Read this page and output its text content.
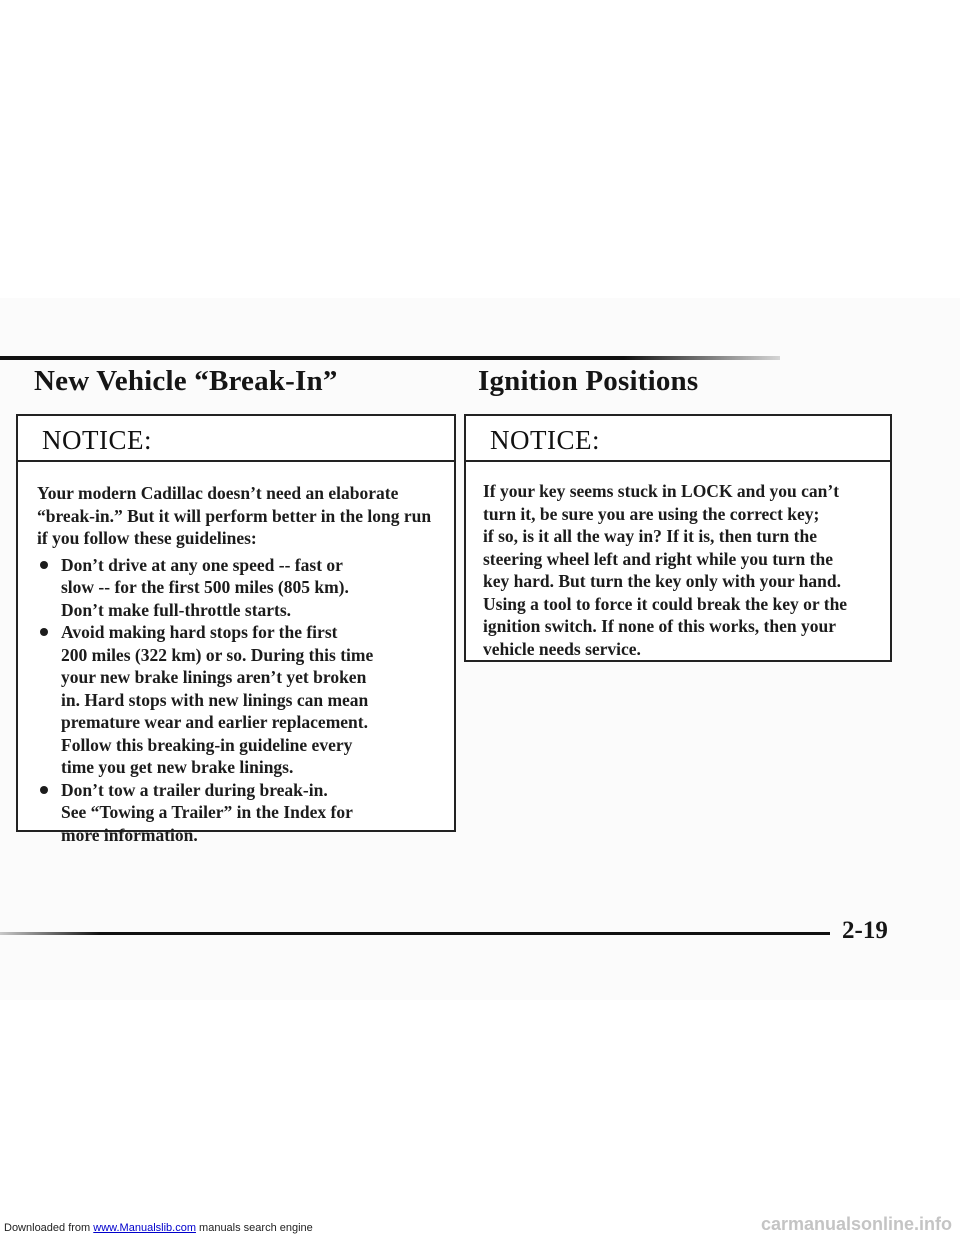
New Vehicle “Break-In”	Ignition Positions
NOTICE:

Your modern Cadillac doesn’t need an elaborate “break-in.” But it will perform better in the long run if you follow these guidelines:

Don’t drive at any one speed -- fast or
slow -- for the first 500 miles (805 km).
Don’t make full-throttle starts.
Avoid making hard stops for the first
200 miles (322 km) or so. During this time
your new brake linings aren’t yet broken
in. Hard stops with new linings can mean
premature wear and earlier replacement.
Follow this breaking-in guideline every
time you get new brake linings.
Don’t tow a trailer during break-in.
See “Towing a Trailer” in the Index for
more information.
NOTICE:
If your key seems stuck in LOCK and you can’t
turn it, be sure you are using the correct key;
if so, is it all the way in? If it is, then turn the
steering wheel left and right while you turn the
key hard. But turn the key only with your hand.
Using a tool to force it could break the key or the
ignition switch. If none of this works, then your
vehicle needs service.
2-19
Downloaded from www.Manualslib.com manuals search engine	carmanualsonline.info
